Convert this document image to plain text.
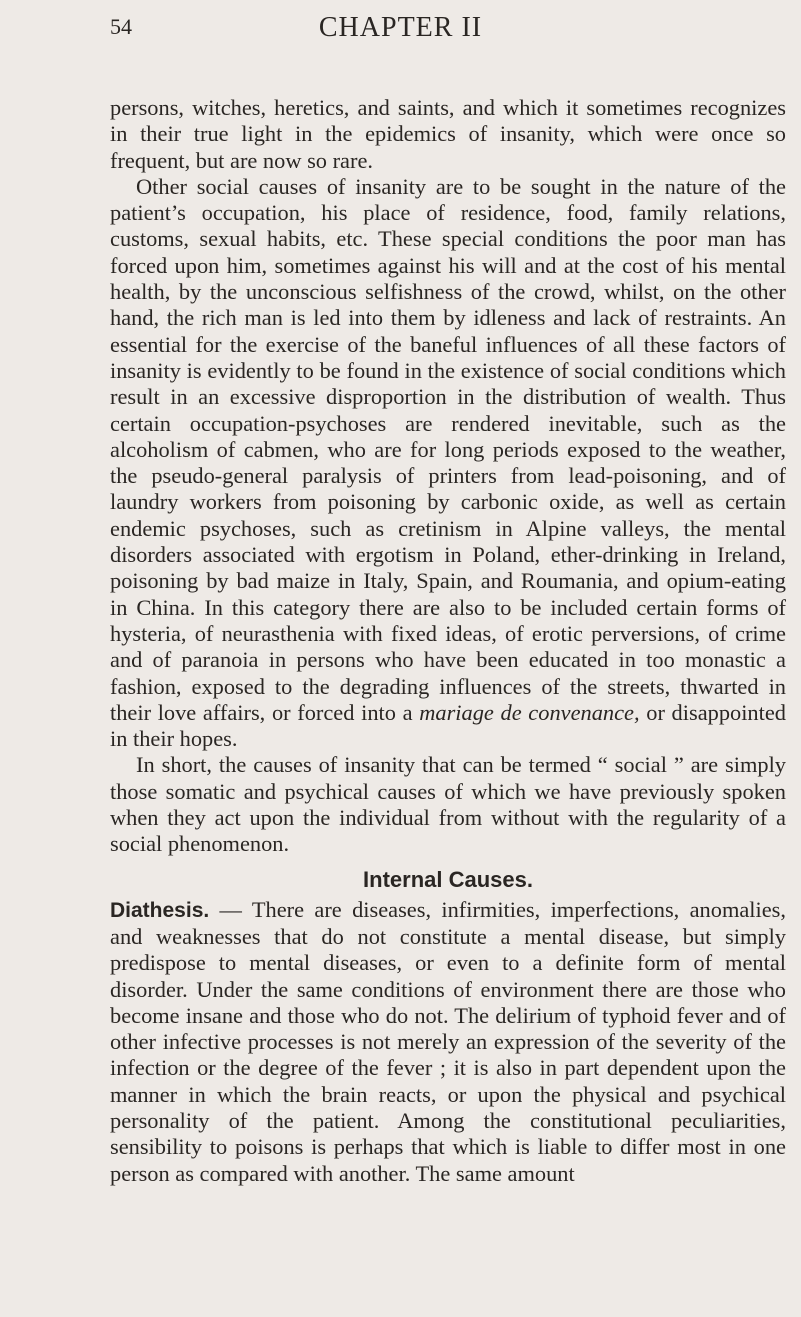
54	CHAPTER II

persons, witches, heretics, and saints, and which it sometimes recognizes in their true light in the epidemics of insanity, which were once so frequent, but are now so rare.

Other social causes of insanity are to be sought in the nature of the patient’s occupation, his place of residence, food, family relations, customs, sexual habits, etc. These special conditions the poor man has forced upon him, sometimes against his will and at the cost of his mental health, by the unconscious selfishness of the crowd, whilst, on the other hand, the rich man is led into them by idleness and lack of restraints. An essential for the exercise of the baneful influences of all these factors of insanity is evidently to be found in the existence of social conditions which result in an excessive disproportion in the distribution of wealth. Thus certain occupation-psychoses are rendered inevitable, such as the alcoholism of cabmen, who are for long periods exposed to the weather, the pseudo-general paralysis of printers from lead-poisoning, and of laundry workers from poisoning by carbonic oxide, as well as certain endemic psychoses, such as cretinism in Alpine valleys, the mental disorders associated with ergotism in Poland, ether-drinking in Ireland, poisoning by bad maize in Italy, Spain, and Roumania, and opium-eating in China. In this category there are also to be included certain forms of hysteria, of neurasthenia with fixed ideas, of erotic perversions, of crime and of paranoia in persons who have been educated in too monastic a fashion, exposed to the degrading influences of the streets, thwarted in their love affairs, or forced into a mariage de convenance, or disappointed in their hopes.

In short, the causes of insanity that can be termed “ social ” are simply those somatic and psychical causes of which we have previously spoken when they act upon the individual from without with the regularity of a social phenomenon.

Internal Causes.

Diathesis. — There are diseases, infirmities, imperfections, anomalies, and weaknesses that do not constitute a mental disease, but simply predispose to mental diseases, or even to a definite form of mental disorder. Under the same conditions of environment there are those who become insane and those who do not. The delirium of typhoid fever and of other infective processes is not merely an expression of the severity of the infection or the degree of the fever ; it is also in part dependent upon the manner in which the brain reacts, or upon the physical and psychical personality of the patient. Among the constitutional peculiarities, sensibility to poisons is perhaps that which is liable to differ most in one person as compared with another. The same amount
